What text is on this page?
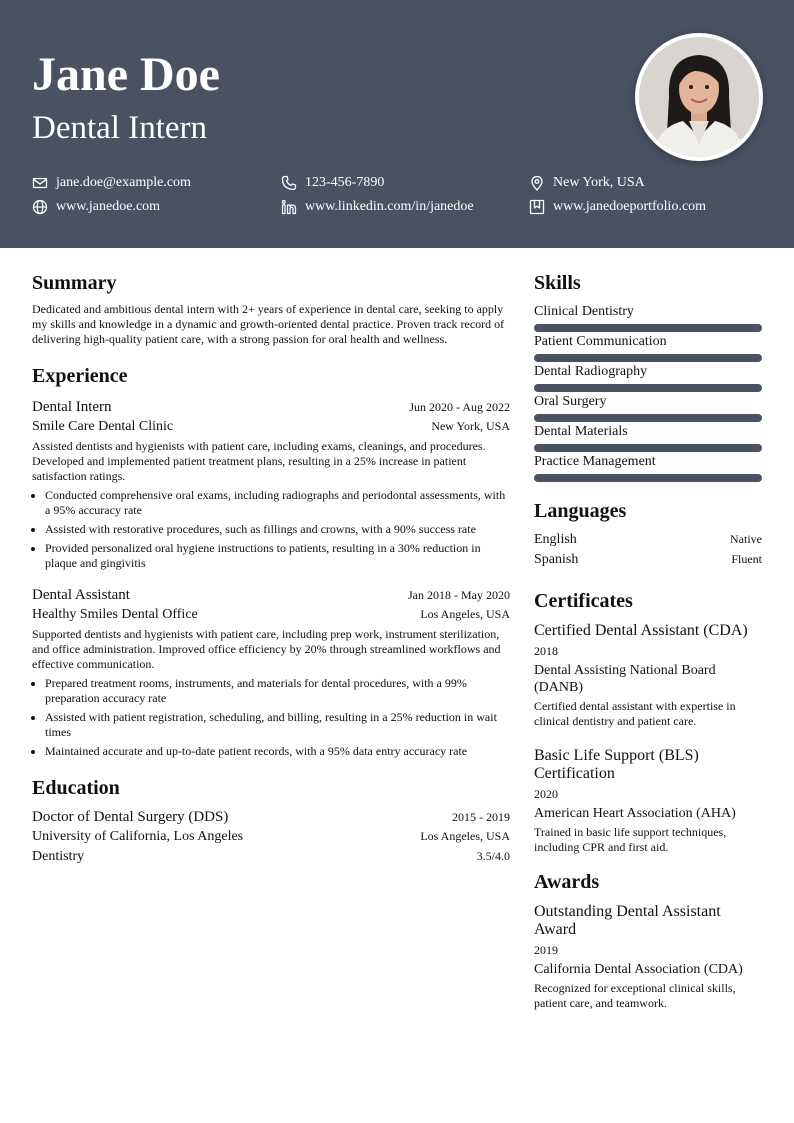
Jane Doe
Dental Intern
jane.doe@example.com	123-456-7890	New York, USA
www.janedoe.com	www.linkedin.com/in/janedoe	www.janedoeportfolio.com
Summary

Dedicated and ambitious dental intern with 2+ years of experience in dental care, seeking to apply my skills and knowledge in a dynamic and growth-oriented dental practice. Proven track record of delivering high-quality patient care, with a strong passion for oral health and wellness.

Experience
Dental Intern	Jun 2020 - Aug 2022
Smile Care Dental Clinic	New York, USA

Assisted dentists and hygienists with patient care, including exams, cleanings, and procedures. Developed and implemented patient treatment plans, resulting in a 25% increase in patient satisfaction ratings.

• Conducted comprehensive oral exams, including radiographs and periodontal assessments, with a 95% accuracy rate
• Assisted with restorative procedures, such as fillings and crowns, with a 90% success rate
• Provided personalized oral hygiene instructions to patients, resulting in a 30% reduction in plaque and gingivitis
Dental Assistant	Jan 2018 - May 2020
Healthy Smiles Dental Office	Los Angeles, USA

Supported dentists and hygienists with patient care, including prep work, instrument sterilization, and office administration. Improved office efficiency by 20% through streamlined workflows and effective communication.

• Prepared treatment rooms, instruments, and materials for dental procedures, with a 99% preparation accuracy rate
• Assisted with patient registration, scheduling, and billing, resulting in a 25% reduction in wait times
• Maintained accurate and up-to-date patient records, with a 95% data entry accuracy rate
Education
Doctor of Dental Surgery (DDS)	2015 - 2019
University of California, Los Angeles	Los Angeles, USA
Dentistry	3.5/4.0
Skills
Clinical Dentistry
Patient Communication
Dental Radiography
Oral Surgery
Dental Materials
Practice Management
Languages
English	Native
Spanish	Fluent
Certificates
Certified Dental Assistant (CDA)
2018
Dental Assisting National Board (DANB)
Certified dental assistant with expertise in clinical dentistry and patient care.
Basic Life Support (BLS) Certification
2020
American Heart Association (AHA)
Trained in basic life support techniques, including CPR and first aid.
Awards
Outstanding Dental Assistant Award
2019
California Dental Association (CDA)
Recognized for exceptional clinical skills, patient care, and teamwork.
